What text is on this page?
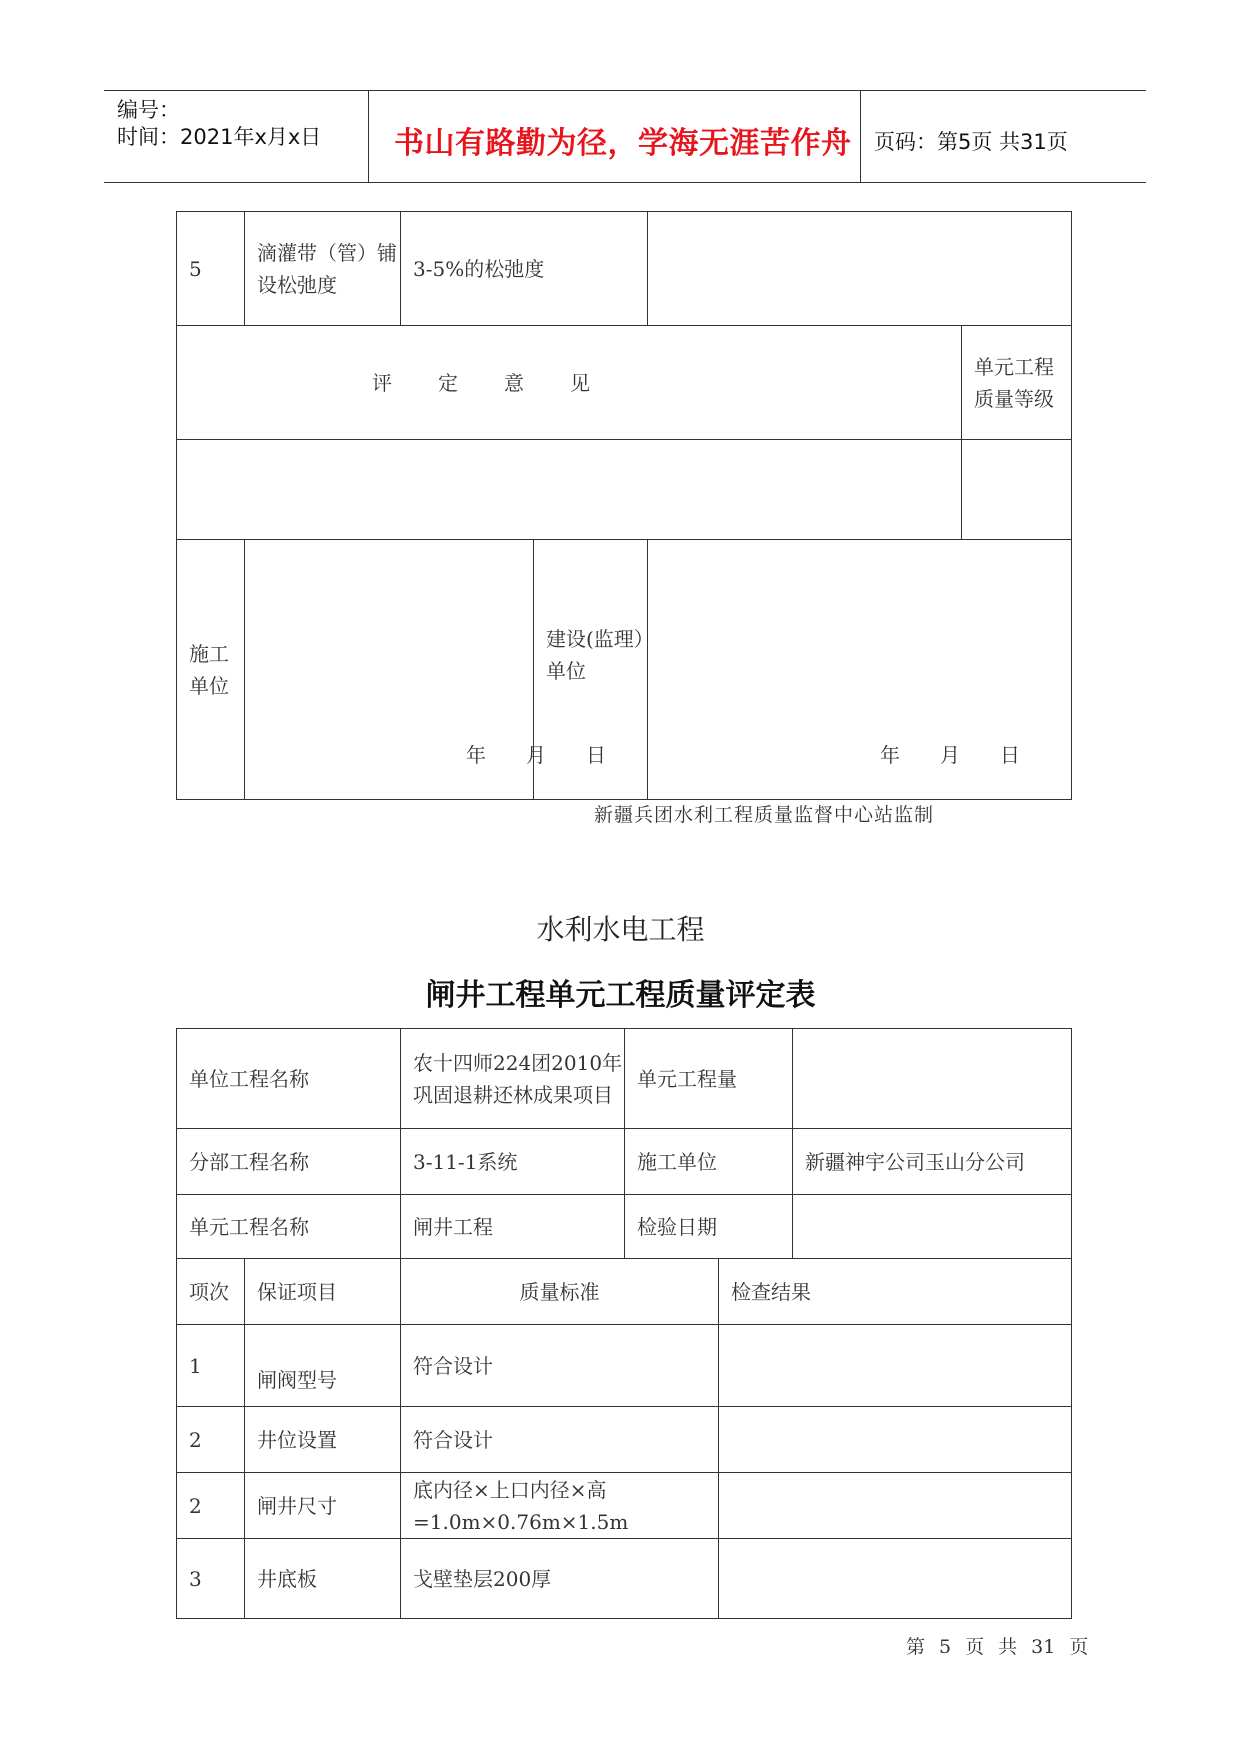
编号：
时间：2021年x月x日 书山有路勤为径，学海无涯苦作舟 页码：第5页 共31页
5	滴灌带（管）铺设松弛度	3-5%的松弛度			
评 定 意 见					单元工程质量等级

施工单位			建设(监理）单位		

年 月 日	年 月 日
新疆兵团水利工程质量监督中心站监制
水利水电工程
闸井工程单元工程质量评定表
单位工程名称		农十四师224团2010年巩固退耕还林成果项目	单元工程量		
分部工程名称		3-11-1系统	施工单位		新疆神宇公司玉山分公司
单元工程名称		闸井工程	检验日期		
项次	保证项目	质量标准		检查结果	
1	闸阀型号	符合设计			
2	井位设置	符合设计			
2	闸井尺寸	底内径×上口内径×高=1.0m×0.76m×1.5m			
3	井底板	戈壁垫层200厚			
第 5 页 共 31 页
